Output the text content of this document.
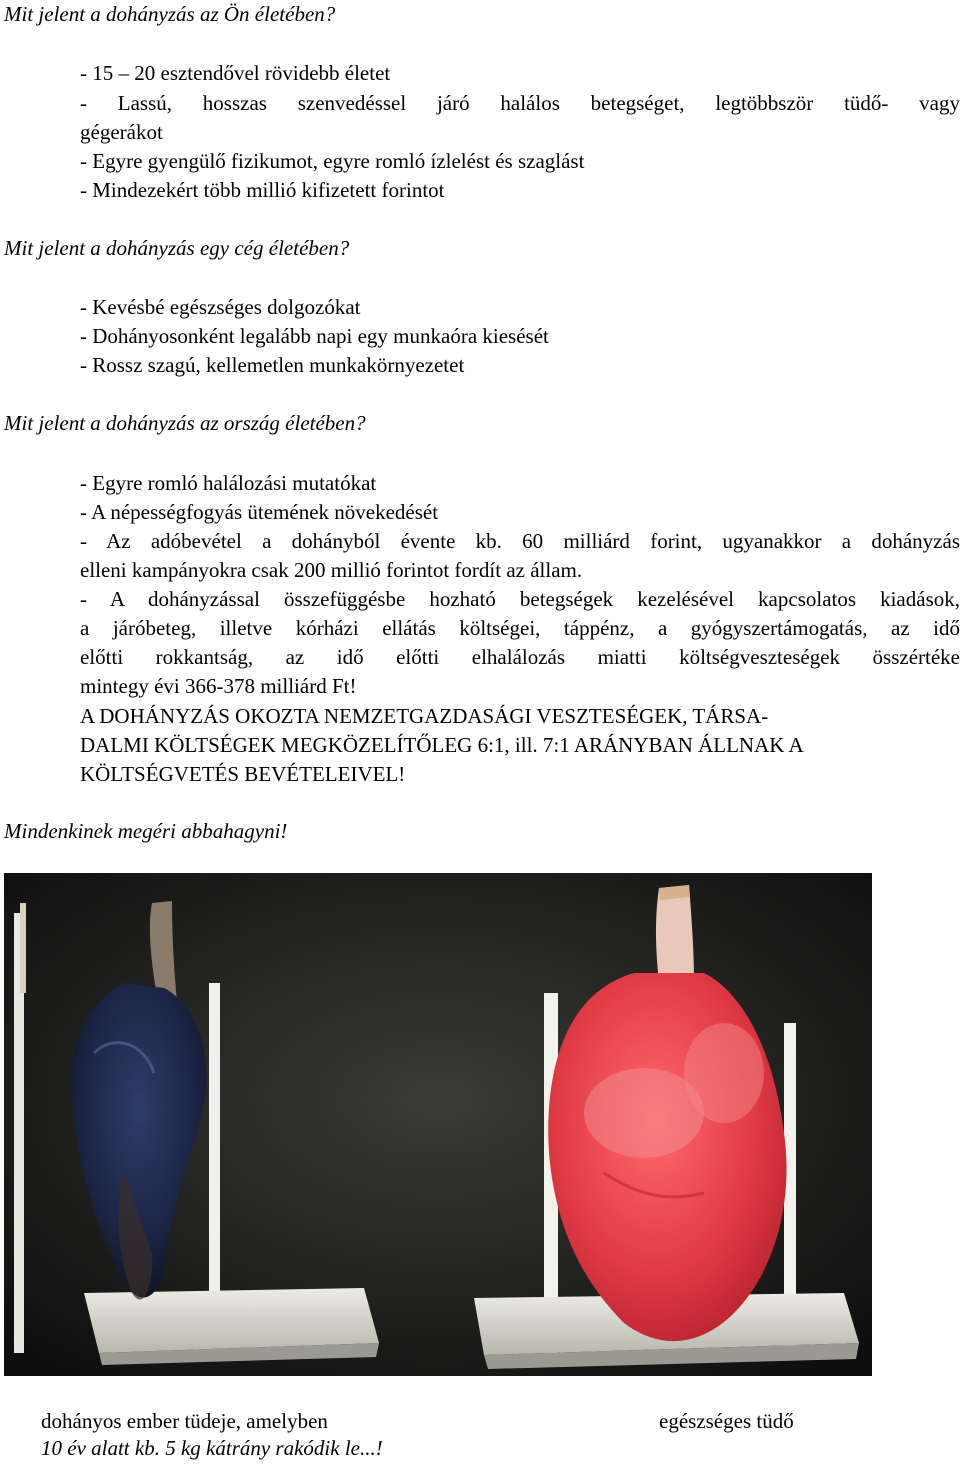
Mit jelent a dohányzás az Ön életében?
- 15 – 20 esztendővel rövidebb életet
- Lassú, hosszas szenvedéssel járó halálos betegséget, legtöbbször tüdő- vagy
gégerákot
- Egyre gyengülő fizikumot, egyre romló ízlelést és szaglást
- Mindezekért több millió kifizetett forintot
Mit jelent a dohányzás egy cég életében?
- Kevésbé egészséges dolgozókat
- Dohányosonként legalább napi egy munkaóra kiesését
- Rossz szagú, kellemetlen munkakörnyezetet
Mit jelent a dohányzás az ország életében?
- Egyre romló halálozási mutatókat
- A népességfogyás ütemének növekedését
- Az adóbevétel a dohányból évente kb. 60 milliárd forint, ugyanakkor a dohányzás
elleni kampányokra csak 200 millió forintot fordít az állam.
- A dohányzással összefüggésbe hozható betegségek kezelésével kapcsolatos kiadások,
a járóbeteg, illetve kórházi ellátás költségei, táppénz, a gyógyszertámogatás, az idő
előtti rokkantság, az idő előtti elhalálozás miatti költségveszteségek összértéke
mintegy évi 366-378 milliárd Ft!
A DOHÁNYZÁS OKOZTA NEMZETGAZDASÁGI VESZTESÉGEK, TÁRSA-
DALMI KÖLTSÉGEK MEGKÖZELÍTŐLEG 6:1, ill. 7:1 ARÁNYBAN ÁLLNAK A
KÖLTSÉGVETÉS BEVÉTELEIVEL!
Mindenkinek megéri abbahagyni!
dohányos ember tüdeje, amelyben
10 év alatt kb. 5 kg kátrány rakódik le...!
egészséges tüdő
